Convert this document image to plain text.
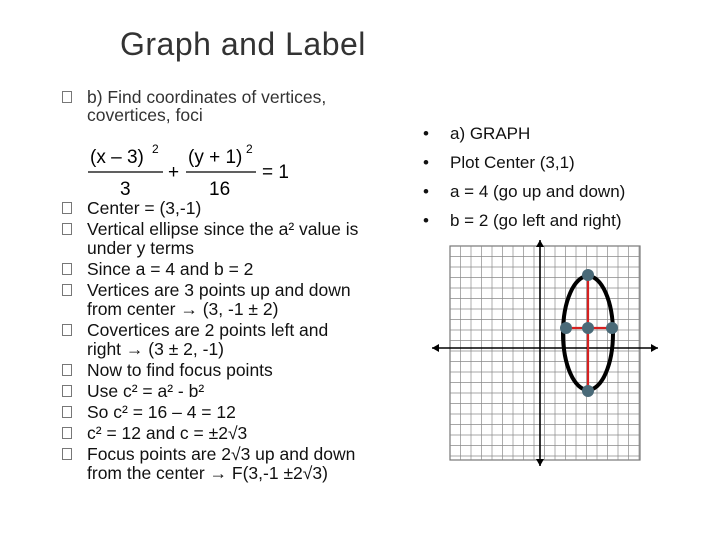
Graph and Label
b) Find coordinates of vertices,
covertices, foci
(x – 3) 2
3
+
(y + 1) 2
16
= 1
Center = (3,-1)
Vertical ellipse since the a² value is
under y terms
Since a = 4 and b = 2
Vertices are 3 points up and down
from center → (3, -1 ± 2)
Covertices are 2 points left and
right → (3 ± 2, -1)
Now to find focus points
Use c² = a² - b²
So c² = 16 – 4 = 12
c² = 12 and c = ±2√3
Focus points are 2√3 up and down
from the center → F(3,-1 ±2√3)
• a) GRAPH
• Plot Center (3,1)
• a = 4 (go up and down)
• b = 2 (go left and right)
